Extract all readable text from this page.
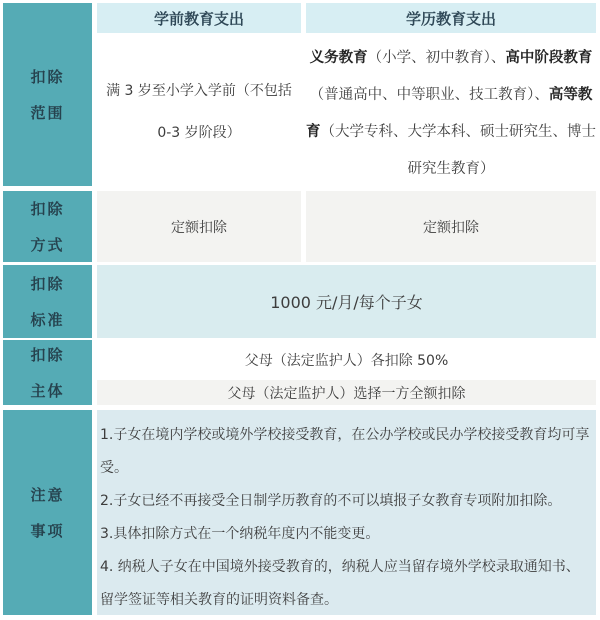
扣除
范围
扣除
方式
扣除
标准
扣除
主体
注意
事项
学前教育支出	学历教育支出
满 3 岁至小学入学前（不包括 0-3 岁阶段）
义务教育（小学、初中教育）、高中阶段教育（普通高中、中等职业、技工教育）、高等教育（大学专科、大学本科、硕士研究生、博士研究生教育）
定额扣除	定额扣除
1000 元/月/每个子女
父母（法定监护人）各扣除 50%
父母（法定监护人）选择一方全额扣除
1.子女在境内学校或境外学校接受教育，在公办学校或民办学校接受教育均可享受。
2.子女已经不再接受全日制学历教育的不可以填报子女教育专项附加扣除。
3.具体扣除方式在一个纳税年度内不能变更。
4. 纳税人子女在中国境外接受教育的，纳税人应当留存境外学校录取通知书、留学签证等相关教育的证明资料备查。
